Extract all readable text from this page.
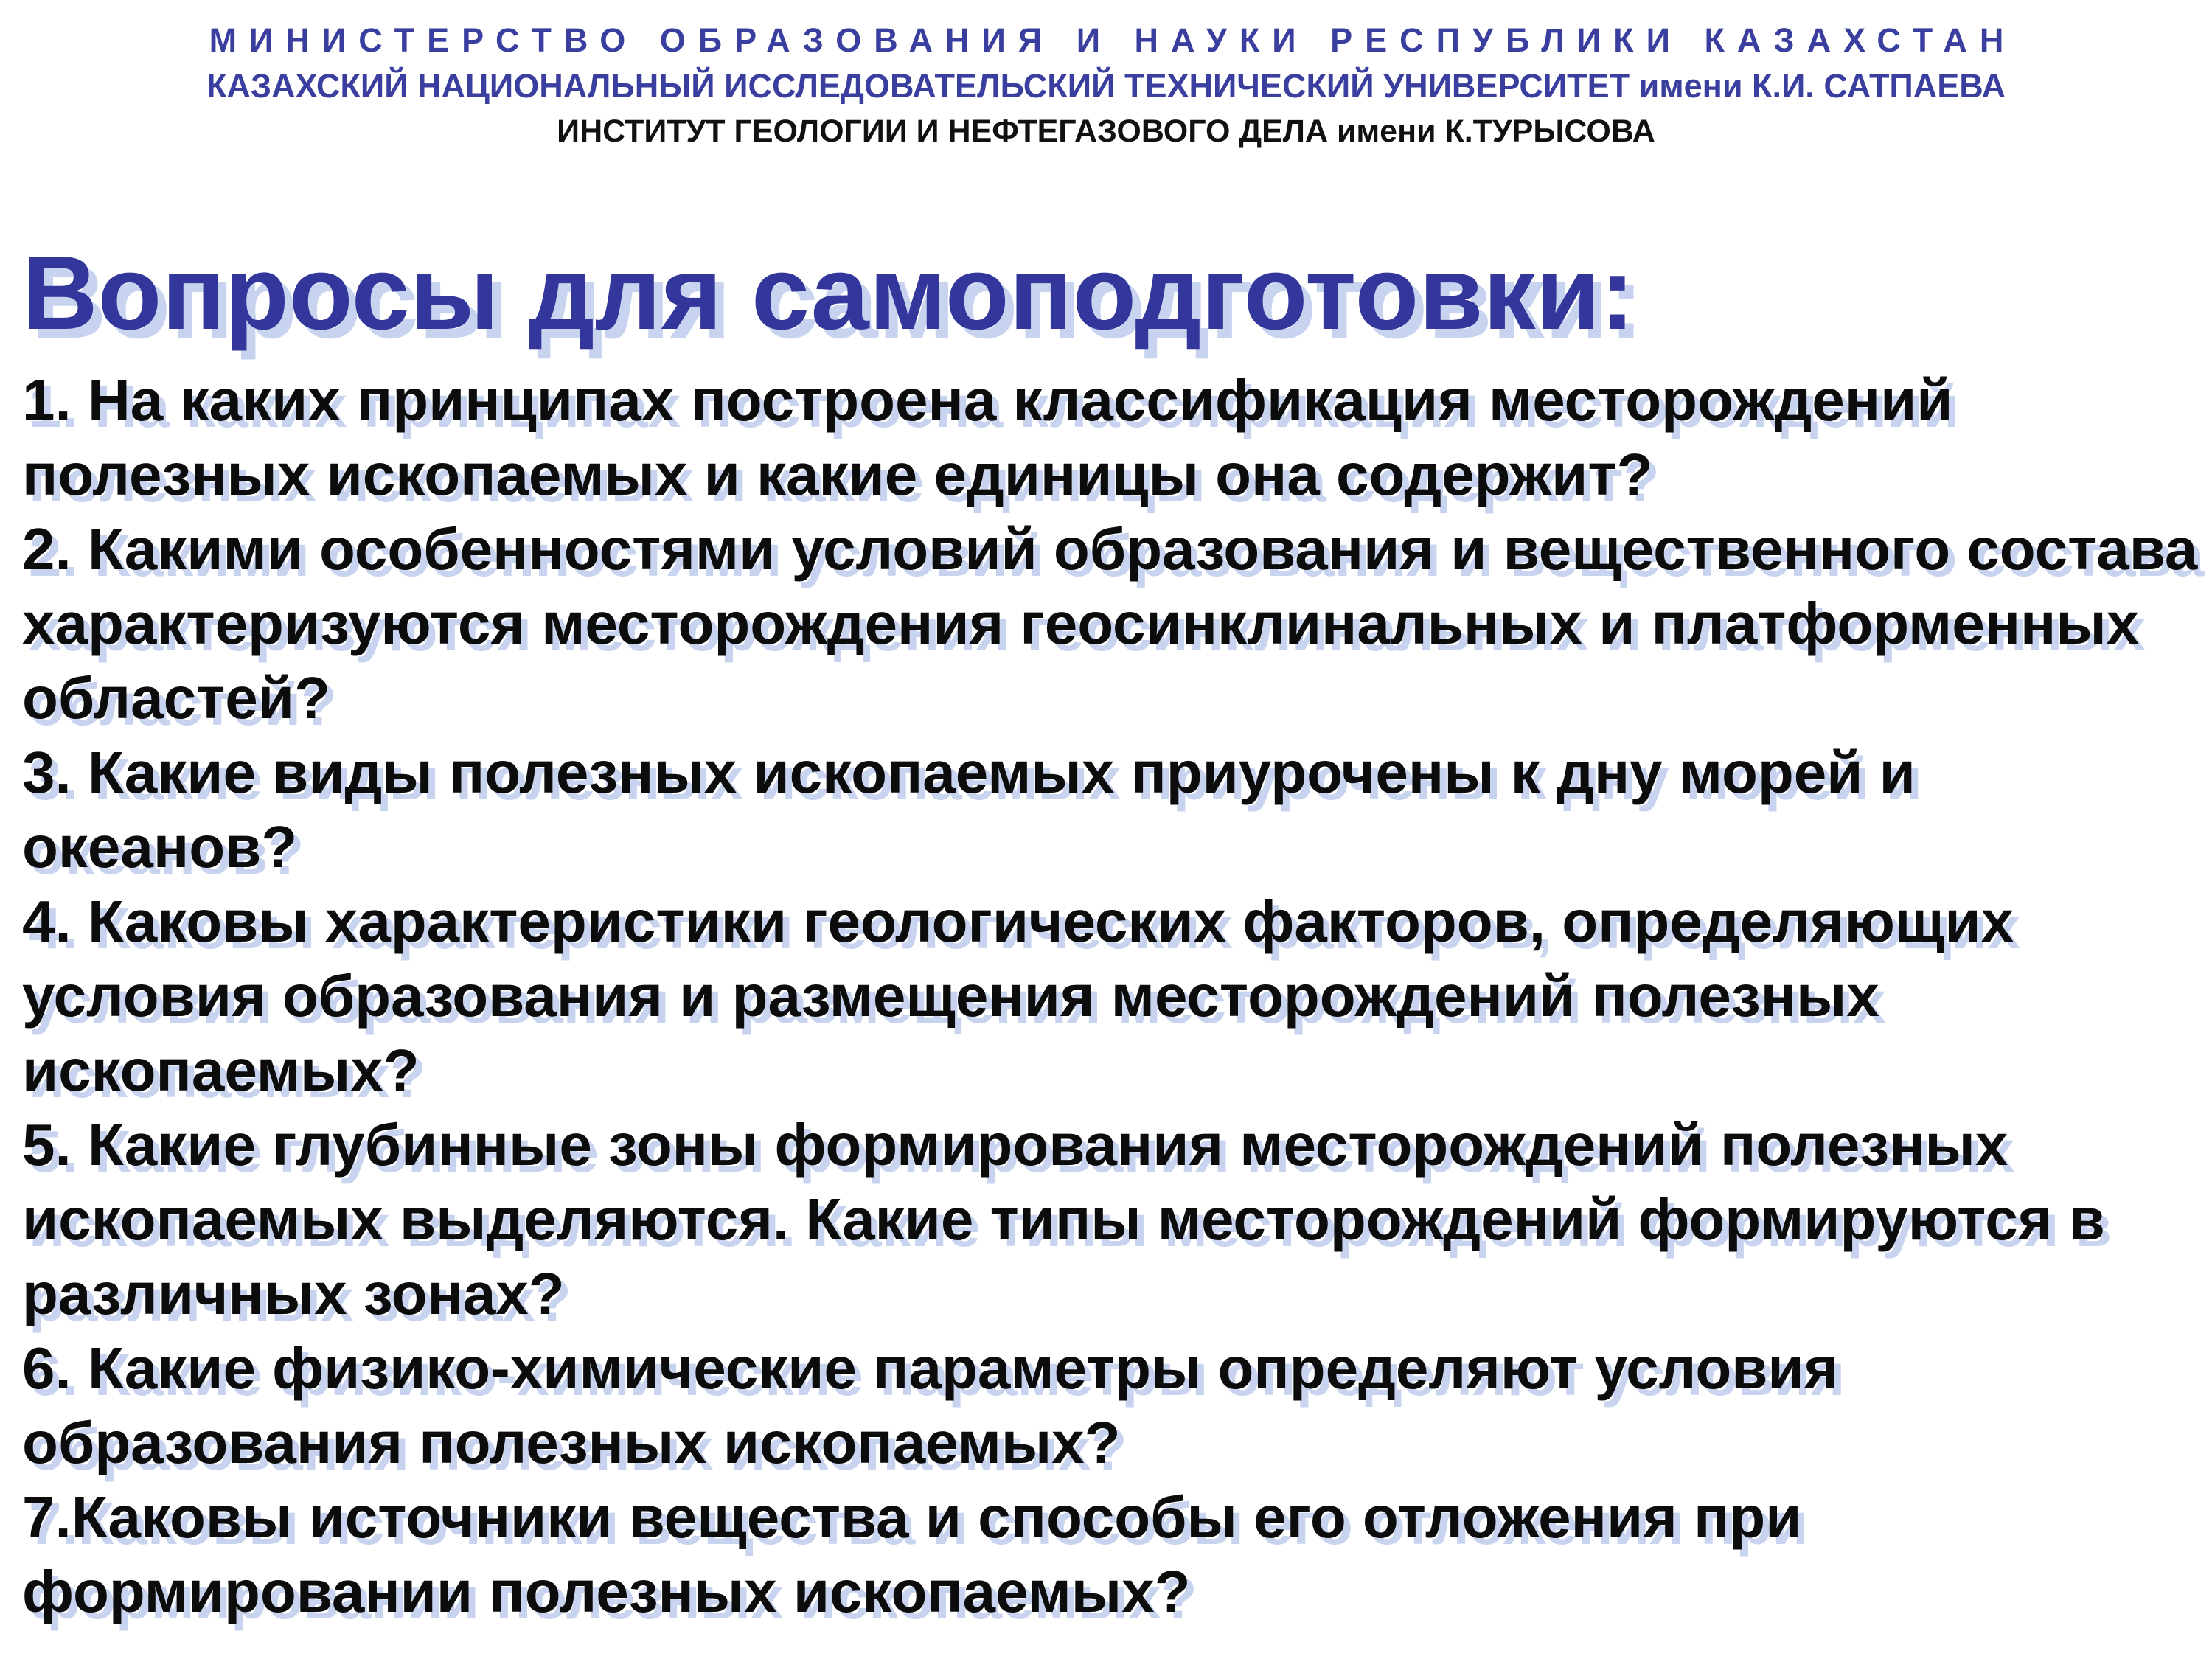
МИНИСТЕРСТВО ОБРАЗОВАНИЯ И НАУКИ РЕСПУБЛИКИ КАЗАХСТАН
КАЗАХСКИЙ НАЦИОНАЛЬНЫЙ ИССЛЕДОВАТЕЛЬСКИЙ ТЕХНИЧЕСКИЙ УНИВЕРСИТЕТ имени К.И. САТПАЕВА
ИНСТИТУТ ГЕОЛОГИИ И НЕФТЕГАЗОВОГО ДЕЛА имени К.ТУРЫСОВА
Вопросы для самоподготовки:
1. На каких принципах построена классификация месторождений полезных ископаемых и какие единицы она содержит?
2. Какими особенностями условий образования и вещественного состава характеризуются месторождения геосинклинальных и платформенных областей?
3. Какие виды полезных ископаемых приурочены к дну морей и океанов?
4. Каковы характеристики геологических факторов, определяющих условия образования и размещения месторождений полезных ископаемых?
5. Какие глубинные зоны формирования месторождений полезных ископаемых выделяются. Какие типы месторождений формируются в различных зонах?
6. Какие физико-химические параметры определяют условия образования полезных ископаемых?
7.Каковы источники вещества и способы его отложения при формировании полезных ископаемых?
